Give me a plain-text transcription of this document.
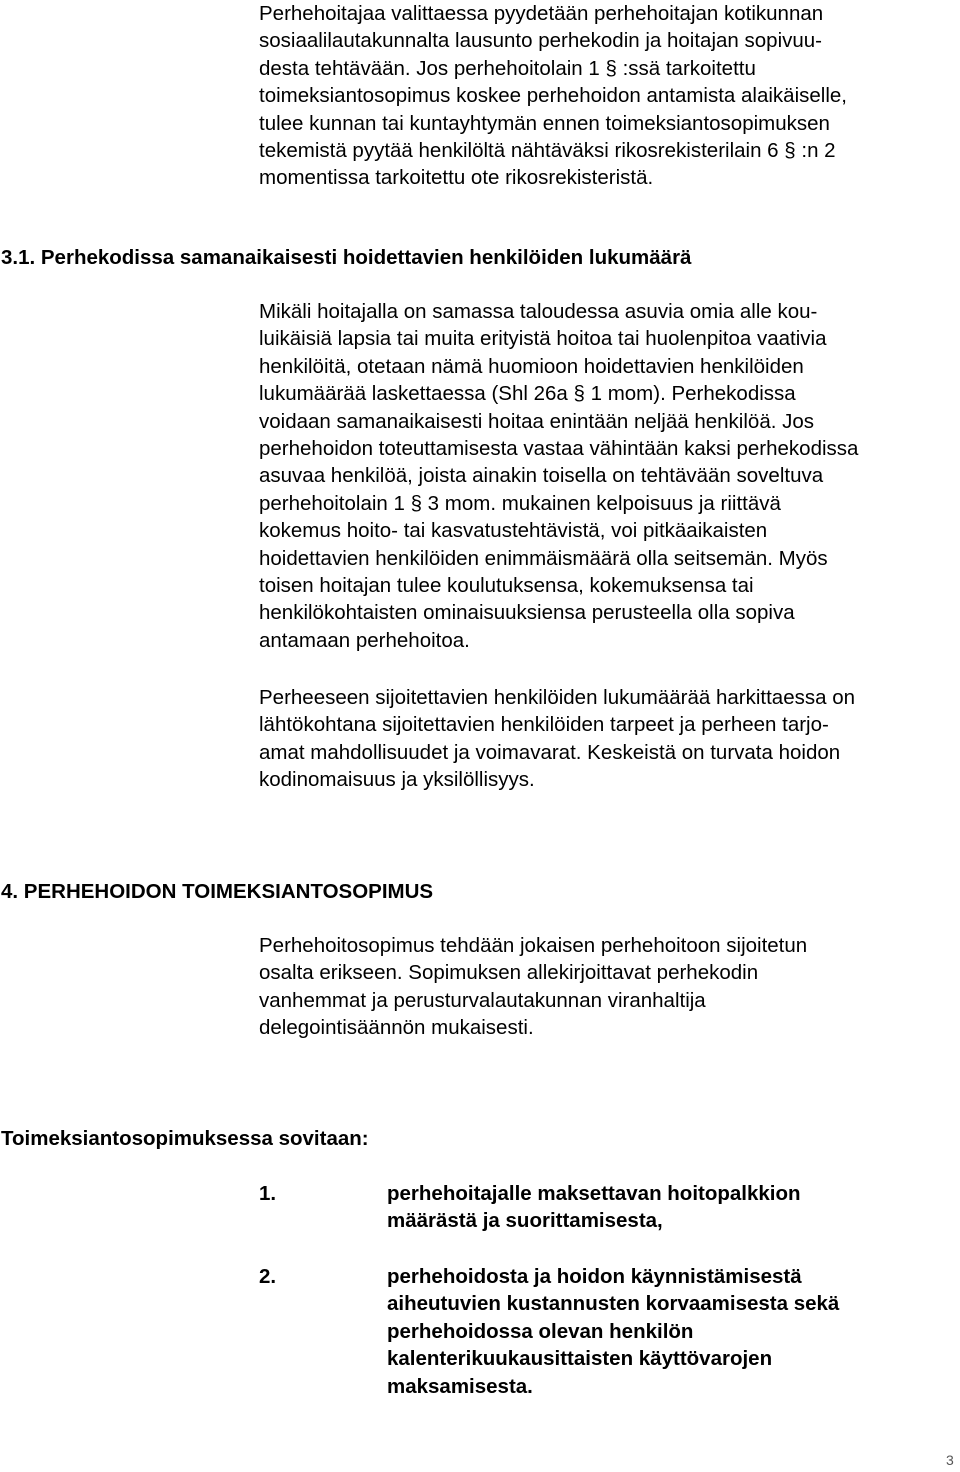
Perhehoitajaa valittaessa pyydetään perhehoitajan kotikunnan
sosiaalilautakunnalta lausunto perhekodin ja hoitajan sopivuu-
desta tehtävään. Jos perhehoitolain 1 § :ssä tarkoitettu
toimeksiantosopimus koskee perhehoidon antamista alaikäiselle,
tulee kunnan tai kuntayhtymän ennen toimeksiantosopimuksen
tekemistä pyytää henkilöltä nähtäväksi rikosrekisterilain 6 § :n 2
momentissa tarkoitettu ote rikosrekisteristä.
3.1. Perhekodissa samanaikaisesti hoidettavien henkilöiden lukumäärä
Mikäli hoitajalla on samassa taloudessa asuvia omia alle kou-
luikäisiä lapsia tai muita erityistä hoitoa tai huolenpitoa vaativia
henkilöitä, otetaan nämä huomioon hoidettavien henkilöiden
lukumäärää laskettaessa (Shl 26a § 1 mom). Perhekodissa
voidaan samanaikaisesti hoitaa enintään neljää henkilöä. Jos
perhehoidon toteuttamisesta vastaa vähintään kaksi perhekodissa
asuvaa henkilöä, joista ainakin toisella on tehtävään soveltuva
perhehoitolain 1 § 3 mom. mukainen kelpoisuus ja riittävä
kokemus hoito- tai kasvatustehtävistä, voi pitkäaikaisten
hoidettavien henkilöiden enimmäismäärä olla seitsemän. Myös
toisen hoitajan tulee koulutuksensa, kokemuksensa tai
henkilökohtaisten ominaisuuksiensa perusteella olla sopiva
antamaan perhehoitoa.
Perheeseen sijoitettavien henkilöiden lukumäärää harkittaessa on
lähtökohtana sijoitettavien henkilöiden tarpeet ja perheen tarjo-
amat mahdollisuudet ja voimavarat. Keskeistä on turvata hoidon
kodinomaisuus ja yksilöllisyys.
4. PERHEHOIDON TOIMEKSIANTOSOPIMUS
Perhehoitosopimus tehdään jokaisen perhehoitoon sijoitetun
osalta erikseen. Sopimuksen allekirjoittavat perhekodin
vanhemmat ja perusturvalautakunnan viranhaltija
delegointisäännön mukaisesti.
Toimeksiantosopimuksessa sovitaan:
1.	perhehoitajalle maksettavan hoitopalkkion
määrästä ja suorittamisesta,
2.	perhehoidosta ja hoidon käynnistämisestä
aiheutuvien kustannusten korvaamisesta sekä
perhehoidossa olevan henkilön
kalenterikuukausittaisten käyttövarojen
maksamisesta.
3
